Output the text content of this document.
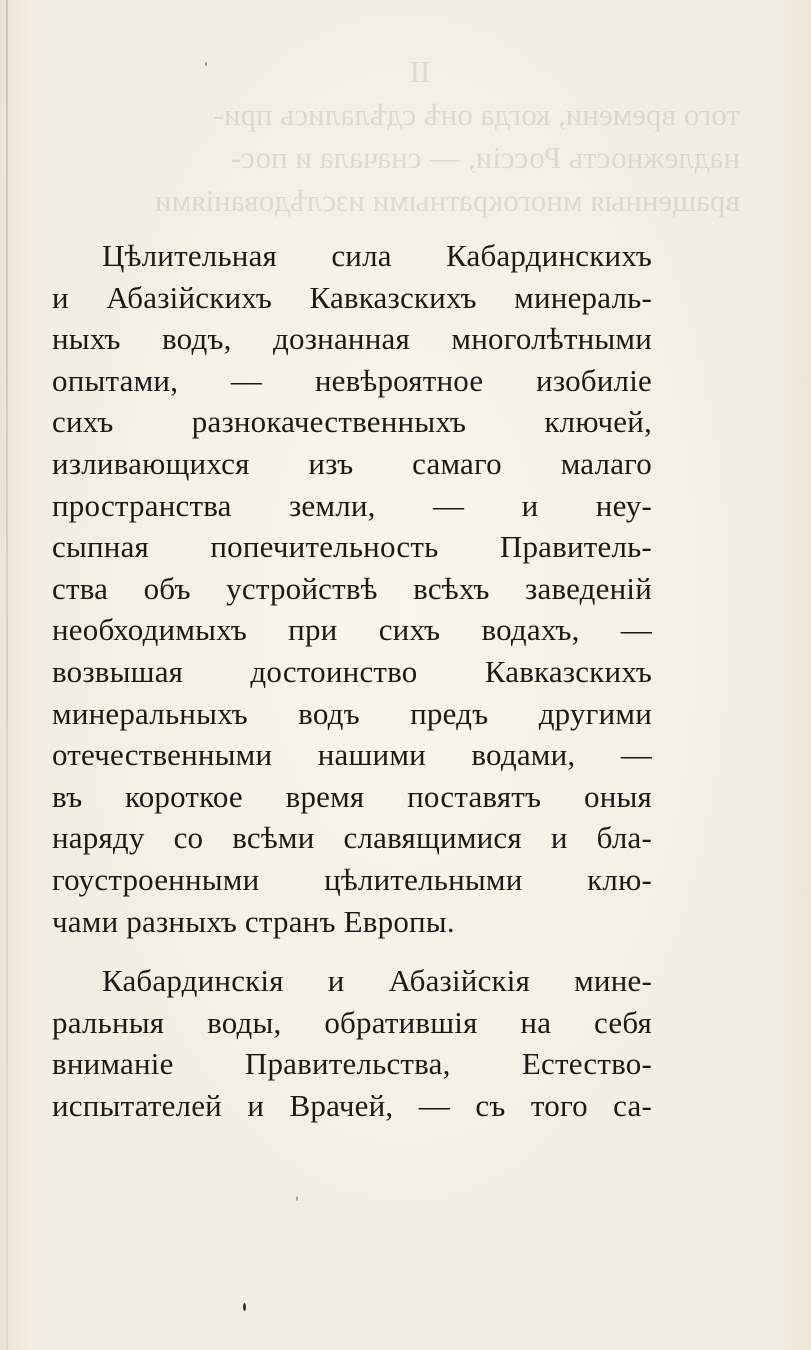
II
того времени, когда онѣ сдѣлались при-
надлежность Россіи, — сначала и пос-
вращенныя многократными изслѣдованіями
Цѣлительная сила Кабардинскихъ
и Абазійскихъ Кавказскихъ минераль-
ныхъ водъ, дознанная многолѣтными
опытами, — невѣроятное изобиліе
сихъ разнокачественныхъ ключей,
изливающихся изъ самаго малаго
пространства земли, — и неу-
сыпная попечительность Правитель-
ства объ устройствѣ всѣхъ заведеній
необходимыхъ при сихъ водахъ, —
возвышая достоинство Кавказскихъ
минеральныхъ водъ предъ другими
отечественными нашими водами, —
въ короткое время поставятъ оныя
наряду со всѣми славящимися и бла-
гоустроенными цѣлительными клю-
чами разныхъ странъ Европы.
Кабардинскія и Абазійскія мине-
ральныя воды, обратившія на себя
вниманіе Правительства, Естество-
испытателей и Врачей, — съ того са-
